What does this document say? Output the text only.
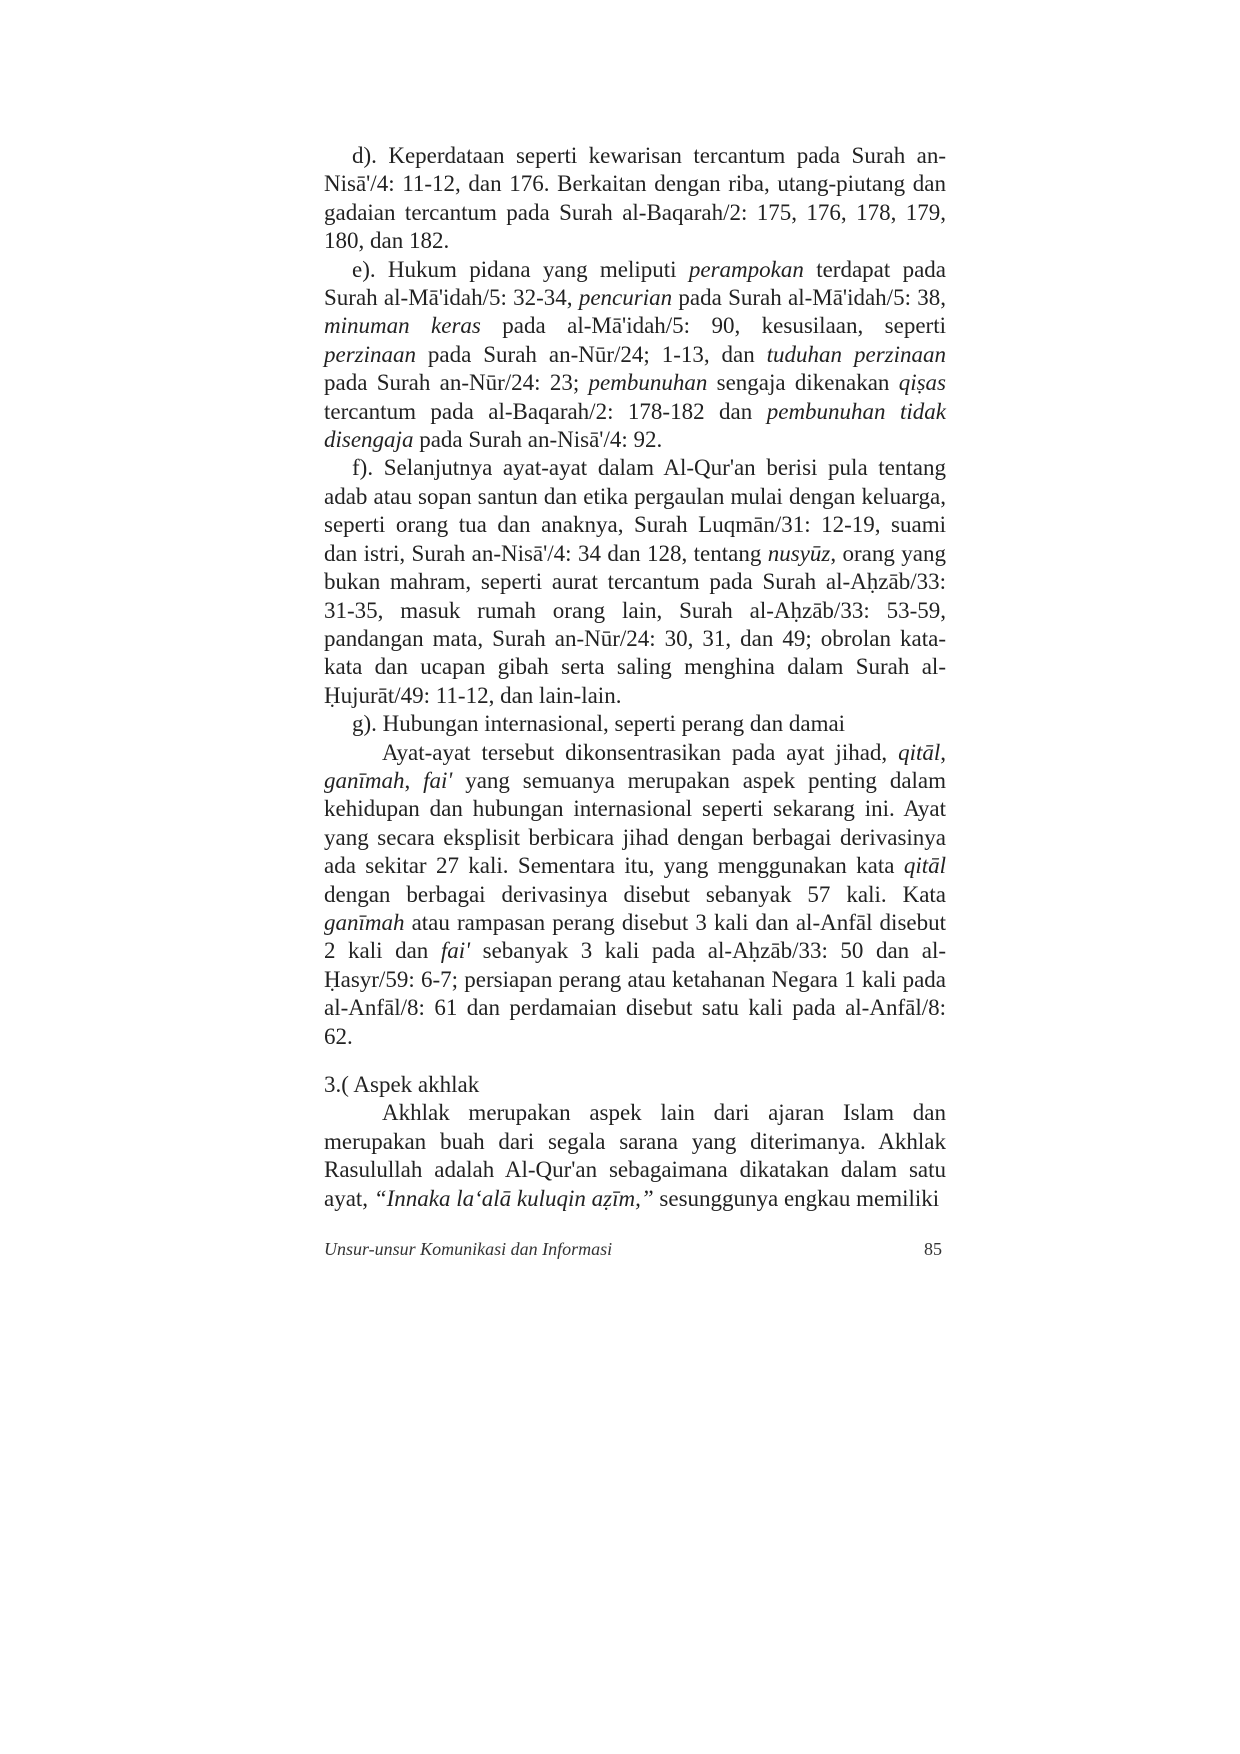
d). Keperdataan seperti kewarisan tercantum pada Surah an-Nisā'/4: 11-12, dan 176. Berkaitan dengan riba, utang-piutang dan gadaian tercantum pada Surah al-Baqarah/2: 175, 176, 178, 179, 180, dan 182.

e). Hukum pidana yang meliputi perampokan terdapat pada Surah al-Mā'idah/5: 32-34, pencurian pada Surah al-Mā'idah/5: 38, minuman keras pada al-Mā'idah/5: 90, kesusilaan, seperti perzinaan pada Surah an-Nūr/24; 1-13, dan tuduhan perzinaan pada Surah an-Nūr/24: 23; pembunuhan sengaja dikenakan qiṣas tercantum pada al-Baqarah/2: 178-182 dan pembunuhan tidak disengaja pada Surah an-Nisā'/4: 92.

f). Selanjutnya ayat-ayat dalam Al-Qur'an berisi pula tentang adab atau sopan santun dan etika pergaulan mulai dengan keluarga, seperti orang tua dan anaknya, Surah Luqmān/31: 12-19, suami dan istri, Surah an-Nisā'/4: 34 dan 128, tentang nusyūz, orang yang bukan mahram, seperti aurat tercantum pada Surah al-Aḥzāb/33: 31-35, masuk rumah orang lain, Surah al-Aḥzāb/33: 53-59, pandangan mata, Surah an-Nūr/24: 30, 31, dan 49; obrolan kata-kata dan ucapan gibah serta saling menghina dalam Surah al-Ḥujurāt/49: 11-12, dan lain-lain.

g). Hubungan internasional, seperti perang dan damai

Ayat-ayat tersebut dikonsentrasikan pada ayat jihad, qitāl, ganīmah, fai' yang semuanya merupakan aspek penting dalam kehidupan dan hubungan internasional seperti sekarang ini. Ayat yang secara eksplisit berbicara jihad dengan berbagai derivasinya ada sekitar 27 kali. Sementara itu, yang menggunakan kata qitāl dengan berbagai derivasinya disebut sebanyak 57 kali. Kata ganīmah atau rampasan perang disebut 3 kali dan al-Anfāl disebut 2 kali dan fai' sebanyak 3 kali pada al-Aḥzāb/33: 50 dan al-Ḥasyr/59: 6-7; persiapan perang atau ketahanan Negara 1 kali pada al-Anfāl/8: 61 dan perdamaian disebut satu kali pada al-Anfāl/8: 62.

3.( Aspek akhlak

Akhlak merupakan aspek lain dari ajaran Islam dan merupakan buah dari segala sarana yang diterimanya. Akhlak Rasulullah adalah Al-Qur'an sebagaimana dikatakan dalam satu ayat, “Innaka la‘alā kuluqin aẓīm,” sesunggunya engkau memiliki

Unsur-unsur Komunikasi dan Informasi	85
